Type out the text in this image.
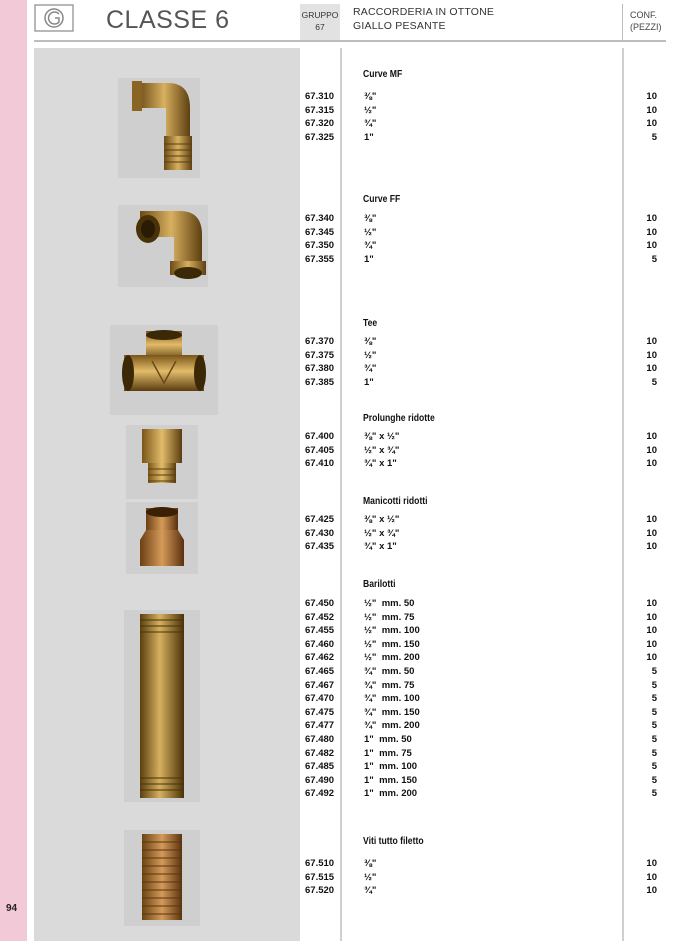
94
CLASSE 6	GRUPPO
67
RACCORDERIA IN OTTONE
GIALLO PESANTE
CONF.
(PEZZI)
Curve MF
Curve FF
Tee
Prolunghe ridotte
Manicotti ridotti
Barilotti
Viti tutto filetto
67.310	⅜"	10
67.315	½"	10
67.320	¾"	10
67.325	1"	5
67.340	⅜"	10
67.345	½"	10
67.350	¾"	10
67.355	1"	5
67.370	⅜"	10
67.375	½"	10
67.380	¾"	10
67.385	1"	5
67.400	⅜" x ½"	10
67.405	½" x ¾"	10
67.410	¾" x 1"	10
67.425	⅜" x ½"	10
67.430	½" x ¾"	10
67.435	¾" x 1"	10
67.450	½"  mm. 50	10
67.452	½"  mm. 75	10
67.455	½"  mm. 100	10
67.460	½"  mm. 150	10
67.462	½"  mm. 200	10
67.465	¾"  mm. 50	5
67.467	¾"  mm. 75	5
67.470	¾"  mm. 100	5
67.475	¾"  mm. 150	5
67.477	¾"  mm. 200	5
67.480	1"  mm. 50	5
67.482	1"  mm. 75	5
67.485	1"  mm. 100	5
67.490	1"  mm. 150	5
67.492	1"  mm. 200	5
67.510	⅜"	10
67.515	½"	10
67.520	¾"	10
